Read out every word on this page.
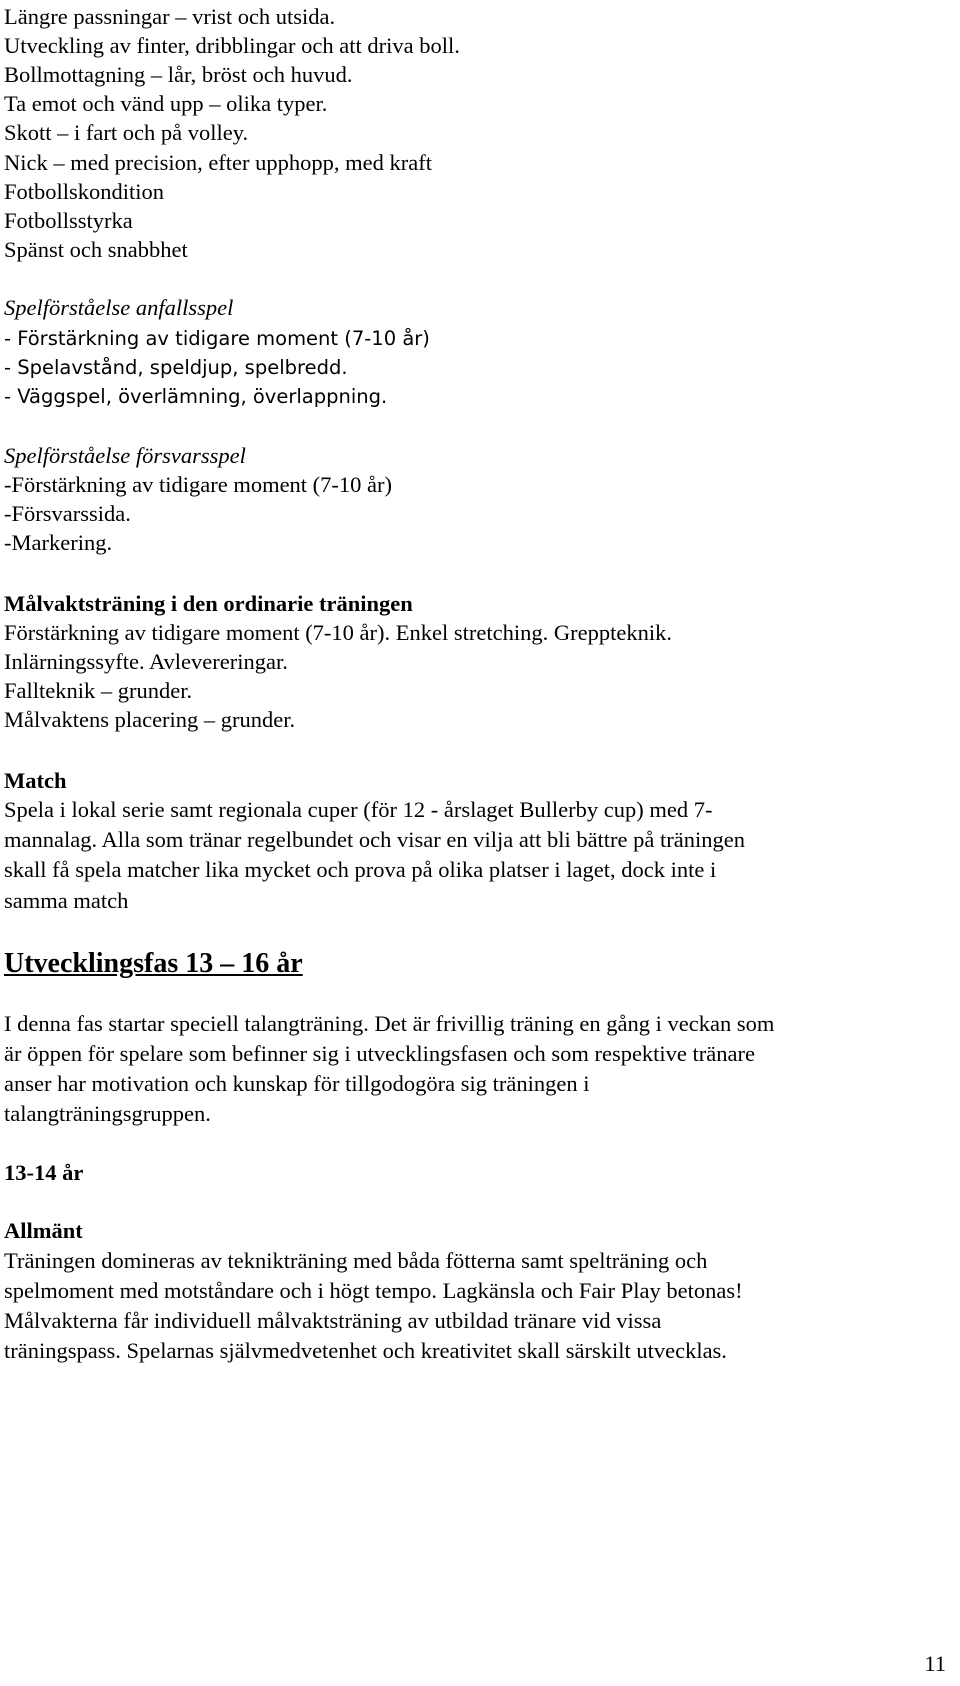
Längre passningar – vrist och utsida.
Utveckling av finter, dribblingar och att driva boll.
Bollmottagning – lår, bröst och huvud.
Ta emot och vänd upp – olika typer.
Skott – i fart och på volley.
Nick – med precision, efter upphopp, med kraft
Fotbollskondition
Fotbollsstyrka
Spänst och snabbhet
Spelförståelse anfallsspel
- Förstärkning av tidigare moment (7-10 år)
- Spelavstånd, speldjup, spelbredd.
- Väggspel, överlämning, överlappning.
Spelförståelse försvarsspel
-Förstärkning av tidigare moment (7-10 år)
-Försvarssida.
-Markering.
Målvaktsträning i den ordinarie träningen
Förstärkning av tidigare moment (7-10 år). Enkel stretching. Greppteknik.
Inlärningssyfte. Avlevereringar.
Fallteknik – grunder.
Målvaktens placering – grunder.
Match
Spela i lokal serie samt regionala cuper (för 12 - årslaget Bullerby cup) med 7-
mannalag. Alla som tränar regelbundet och visar en vilja att bli bättre på träningen
skall få spela matcher lika mycket och prova på olika platser i laget, dock inte i
samma match
Utvecklingsfas 13 – 16 år
I denna fas startar speciell talangträning. Det är frivillig träning en gång i veckan som
är öppen för spelare som befinner sig i utvecklingsfasen och som respektive tränare
anser har motivation och kunskap för tillgodogöra sig träningen i
talangträningsgruppen.
13-14 år
Allmänt
Träningen domineras av teknikträning med båda fötterna samt spelträning och
spelmoment med motståndare och i högt tempo. Lagkänsla och Fair Play betonas!
Målvakterna får individuell målvaktsträning av utbildad tränare vid vissa
träningspass. Spelarnas självmedvetenhet och kreativitet skall särskilt utvecklas.
11
